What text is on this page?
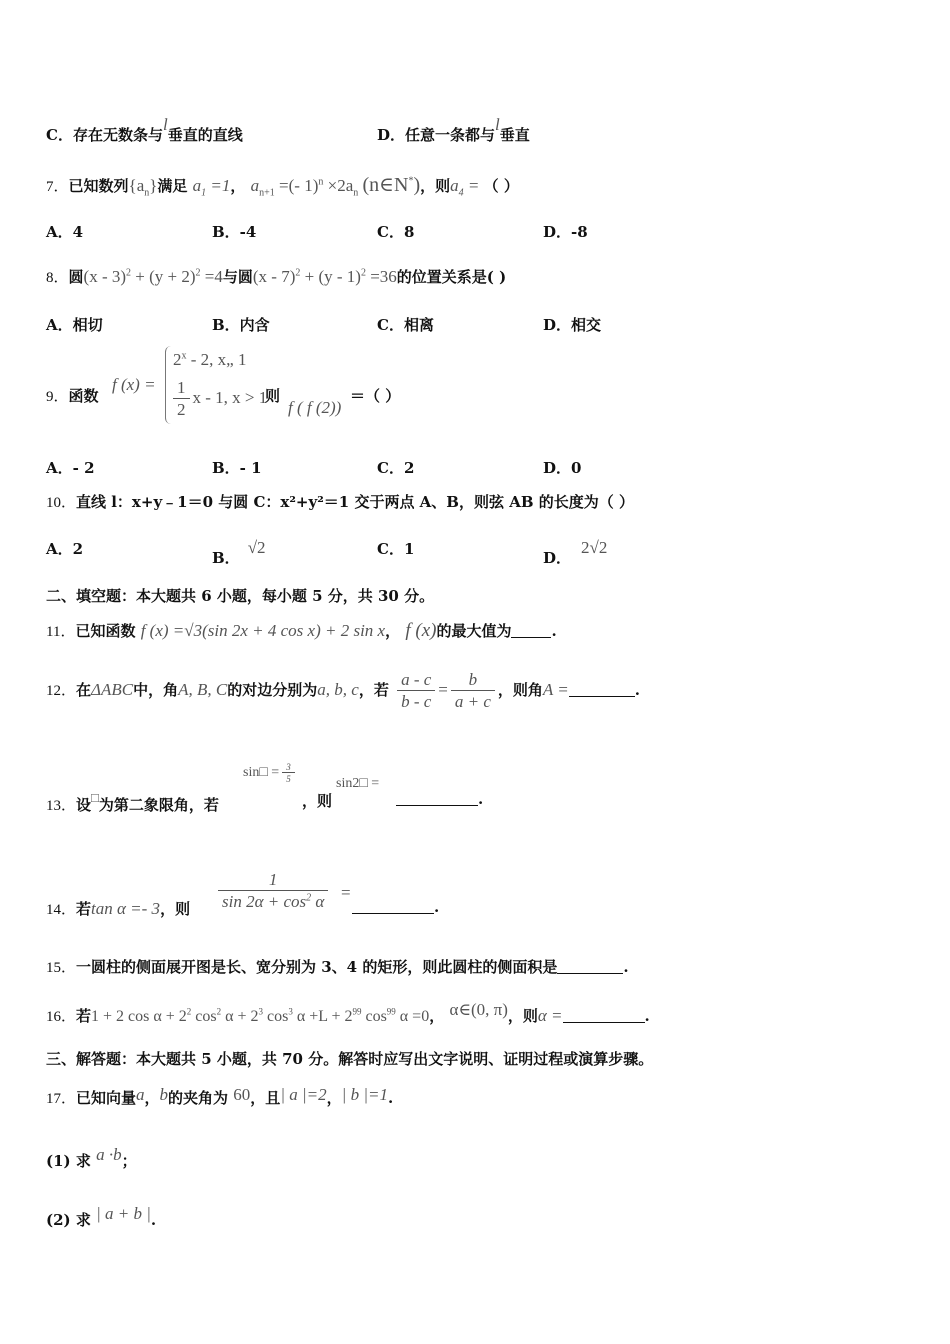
C．存在无数条与l垂直的直线	D．任意一条都与l垂直
7．已知数列$\{a_n\}$满足 $a_1 =1$， $a_{n+1}$ =(- $1)^n \times 2a_n$ (n∈N*)，则$a_4$ = （ ）
A．4	B．-4	C．8	D．-8
8．圆$(x - 3)^2 + (y + 2)^2 =4$与圆(x - 7)$^2$ + (y - 1)$^2$ =36的位置关系是( )
A．相切	B．内含	C．相离	D．相交
9．函数
f (x) =
$2^x - 2$, x„ 1
$\frac{1}{2}$ x - 1, x > 1
则
f ( f (2))
＝（ ）
A．- 2	B．- 1	C．2	D．0
10．直线 l：x+y﹣1＝0 与圆 C：x²+y²＝1 交于两点 A、B，则弦 AB 的长度为（ ）
A．2	B．√2	C．1	D．2√2
二、填空题：本大题共 6 小题，每小题 5 分，共 30 分。
11．已知函数 f (x) =√3(sin 2x + 4 cos x) + 2 sin x， f (x)的最大值为	.
12．在ΔABC中，角A, B, C的对边分别为a, b, c，若 $\frac{a - c}{b - c} = \frac{b}{a + c}$ ，则角A =	.
13．设□为第二象限角，若
sin□ = $\frac{3}{5}$
，则
sin2□ =
.
14．若tan α =- 3，则 $\frac{1}{\sin 2\alpha + \cos^2 \alpha}$ =
.
15．一圆柱的侧面展开图是长、宽分别为 3、4 的矩形，则此圆柱的侧面积是	.
16．若1 + 2 $\cos \alpha + 2^2$ $\cos^2 \alpha + 2^3$ $\cos^3 \alpha +L + 2^{99}$ $\cos^{99} \alpha =0$， α∈(0, π)，则α =	.
三、解答题：本大题共 5 小题，共 70 分。解答时应写出文字说明、证明过程或演算步骤。
17．已知向量a，b的夹角为 60，且| a |=2，| b |=1.
(1) 求 a ·b；
(2) 求 | a + b |.
